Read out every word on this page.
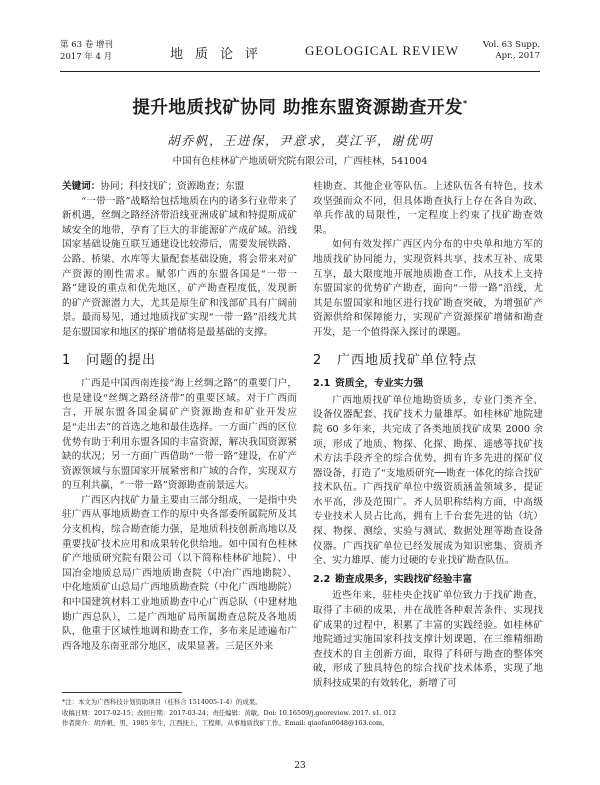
第 63 卷 增刊
2017 年 4 月	地质论评	GEOLOGICAL REVIEW	Vol. 63 Supp.
Apr., 2017
提升地质找矿协同 助推东盟资源勘查开发*
胡乔帆，王进保，尹意求，莫江平，谢优明
中国有色桂林矿产地质研究院有限公司，广西桂林，541004

关键词：协同；科技找矿；资源勘查；东盟

“一带一路”战略给包括地质在内的诸多行业带来了新机遇，丝绸之路经济带沿线亚洲成矿域和特提斯成矿域安全的地带，孕育了巨大的非能源矿产成矿域。沿线国家基础设施互联互通建设比较滞后，需要发展铁路、公路、桥梁、水库等大量配套基础设施，将会带来对矿产资源的刚性需求。赋邻广西的东盟各国是“一带一路”建设的重点和优先地区，矿产勘查程度低，发现新的矿产资源潜力大，尤其是原生矿和浅部矿具有广阔前景。最而易见，通过地质找矿实现“一带一路”沿线尤其是东盟国家和地区的探矿增储将是最基础的支撑。

1 问题的提出

广西是中国西南连接“海上丝绸之路”的重要门户，也是建设“丝绸之路经济带”的重要区域。对于广西而言，开展东盟各国金属矿产资源勘查和矿业开发应是“走出去”的首选之地和最佳选择。一方面广西的区位优势有助于利用东盟各国的丰富资源，解决我国资源紧缺的状况；另一方面广西借助“一带一路”建设，在矿产资源领域与东盟国家开展紧密和广域的合作，实现双方的互利共赢，“一带一路”资源勘查前景远大。

广西区内找矿力量主要由三部分组成，一是指中央驻广西从事地质勘查工作的原中央各部委所属院所及其分支机构，综合勘查能力强，是地质科技创新高地以及重要找矿技术应用和成果转化供给地。如中国有色桂林矿产地质研究院有限公司（以下简称桂林矿地院）、中国冶金地质总局广西地质勘查院（中冶广西地勘院）、中化地质矿山总局广西地质勘查院（中化广西地勘院）和中国建筑材料工业地质勘查中心广西总队（中建材地勘广西总队），二是广西地矿局所属勘查总院及各地质队，他重于区域性地调和勘查工作，多布来足迹遍布广西各地及东南亚部分地区，成果显著。三是区外来

桂勘查、其他企业等队伍。上述队伍各有特色，技术攻坚强而众不同，但具体勘查执行上存在各自为政、单兵作战的局限性，一定程度上约束了找矿勘查效果。

如何有效发挥广西区内分布的中央单和地方军的地质找矿协同能力，实现资料共享、技术互补、成果互享，最大限度地开展地质勘查工作，从技术上支持东盟国家的优势矿产勘查，面向“一带一路”沿线，尤其是东盟国家和地区进行找矿勘查突破，为增强矿产资源供给和保障能力，实现矿产资源探矿增储和勘查开发，是一个值得深入探讨的课题。

2 广西地质找矿单位特点
2.1 资质全，专业实力强

广西地质找矿单位地勘资质多，专业门类齐全、设备仪器配套、找矿技术力量雄厚。如桂林矿地院建院 60 多年来，共完成了各类地质找矿成果 2000 余项，形成了地质、物探、化探、勘探、遥感等找矿技术方法手段齐全的综合优势，拥有许多先进的探矿仪器设备，打造了“支地质研究──勘查一体化的综合找矿技术队伍。广西找矿单位中级资质涵盖领域多，提证水平高，涉及范围广。齐人员职称结构方面，中高级专业技术人员占比高，拥有上千台套先进的钻（坑）探、物探、测绘、实验与测试、数据处理等勘查设备仪器。广西找矿单位已经发展成为知识密集、资质齐全、实力雄厚、能力过硬的专业找矿勘查队伍。

2.2 勘查成果多，实践找矿经验丰富

近些年来，驻桂央企找矿单位致力于找矿勘查，取得了丰硕的成果，并在战胜各种艰苦条件、实现找矿成果的过程中，积累了丰富的实践经验。如桂林矿地院通过实施国家科技支撑计划课题，在三维精细勘查技术的自主创新方面，取得了科研与勘查的整体突破，形成了独具特色的综合找矿技术体系，实现了地质科技成果的有效转化，新增了可

*注：本文为广西科技计划资助项目（桂科合 1514005-1-4）的成果。
收稿日期：2017-02-15；改回日期：2017-03-24；责任编辑：黄敏。Doi: 10.16509/j.georeview. 2017. s1. 012
作者简介：胡乔帆，男，1985 年生，江西抚上，工程师，从事地质找矿工作。Email: qiaofan0048@163.com。
23
